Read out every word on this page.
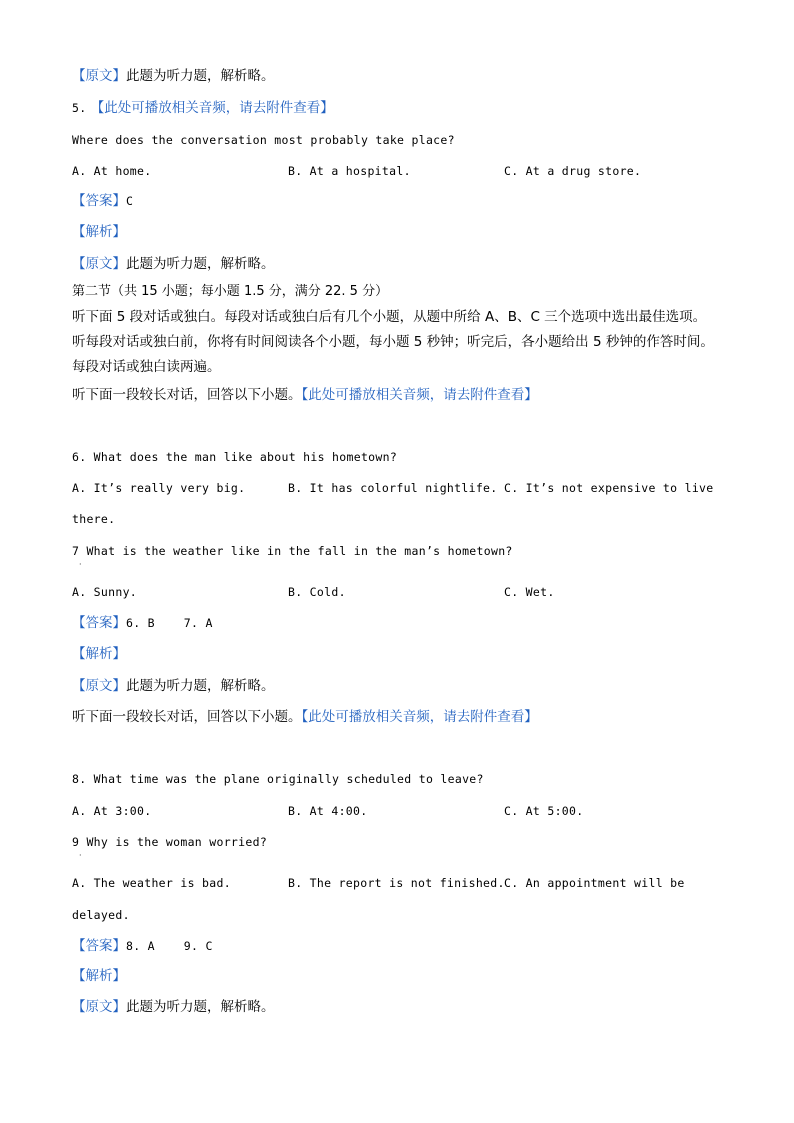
【原文】此题为听力题，解析略。
5. 【此处可播放相关音频，请去附件查看】
Where does the conversation most probably take place?
A. At home.	B. At a hospital.	C. At a drug store.
【答案】C
【解析】
【原文】此题为听力题，解析略。
第二节（共 15 小题；每小题 1.5 分，满分 22. 5 分）
听下面 5 段对话或独白。每段对话或独白后有几个小题，从题中所给 A、B、C 三个选项中选出最佳选项。
听每段对话或独白前，你将有时间阅读各个小题，每小题 5 秒钟；听完后，各小题给出 5 秒钟的作答时间。
每段对话或独白读两遍。
听下面一段较长对话，回答以下小题。【此处可播放相关音频，请去附件查看】
6. What does the man like about his hometown?
A. It’s really very big.	B. It has colorful nightlife. C. It’s not expensive to live
there.
7 What is the weather like in the fall in the man’s hometown?
·
A. Sunny.	B. Cold.	C. Wet.
【答案】6. B    7. A
【解析】
【原文】此题为听力题，解析略。
听下面一段较长对话，回答以下小题。【此处可播放相关音频，请去附件查看】
8. What time was the plane originally scheduled to leave?
A. At 3:00.	B. At 4:00.	C. At 5:00.
9 Why is the woman worried?
·
A. The weather is bad.	B. The report is not finished. C. An appointment will be
delayed.
【答案】8. A    9. C
【解析】
【原文】此题为听力题，解析略。
